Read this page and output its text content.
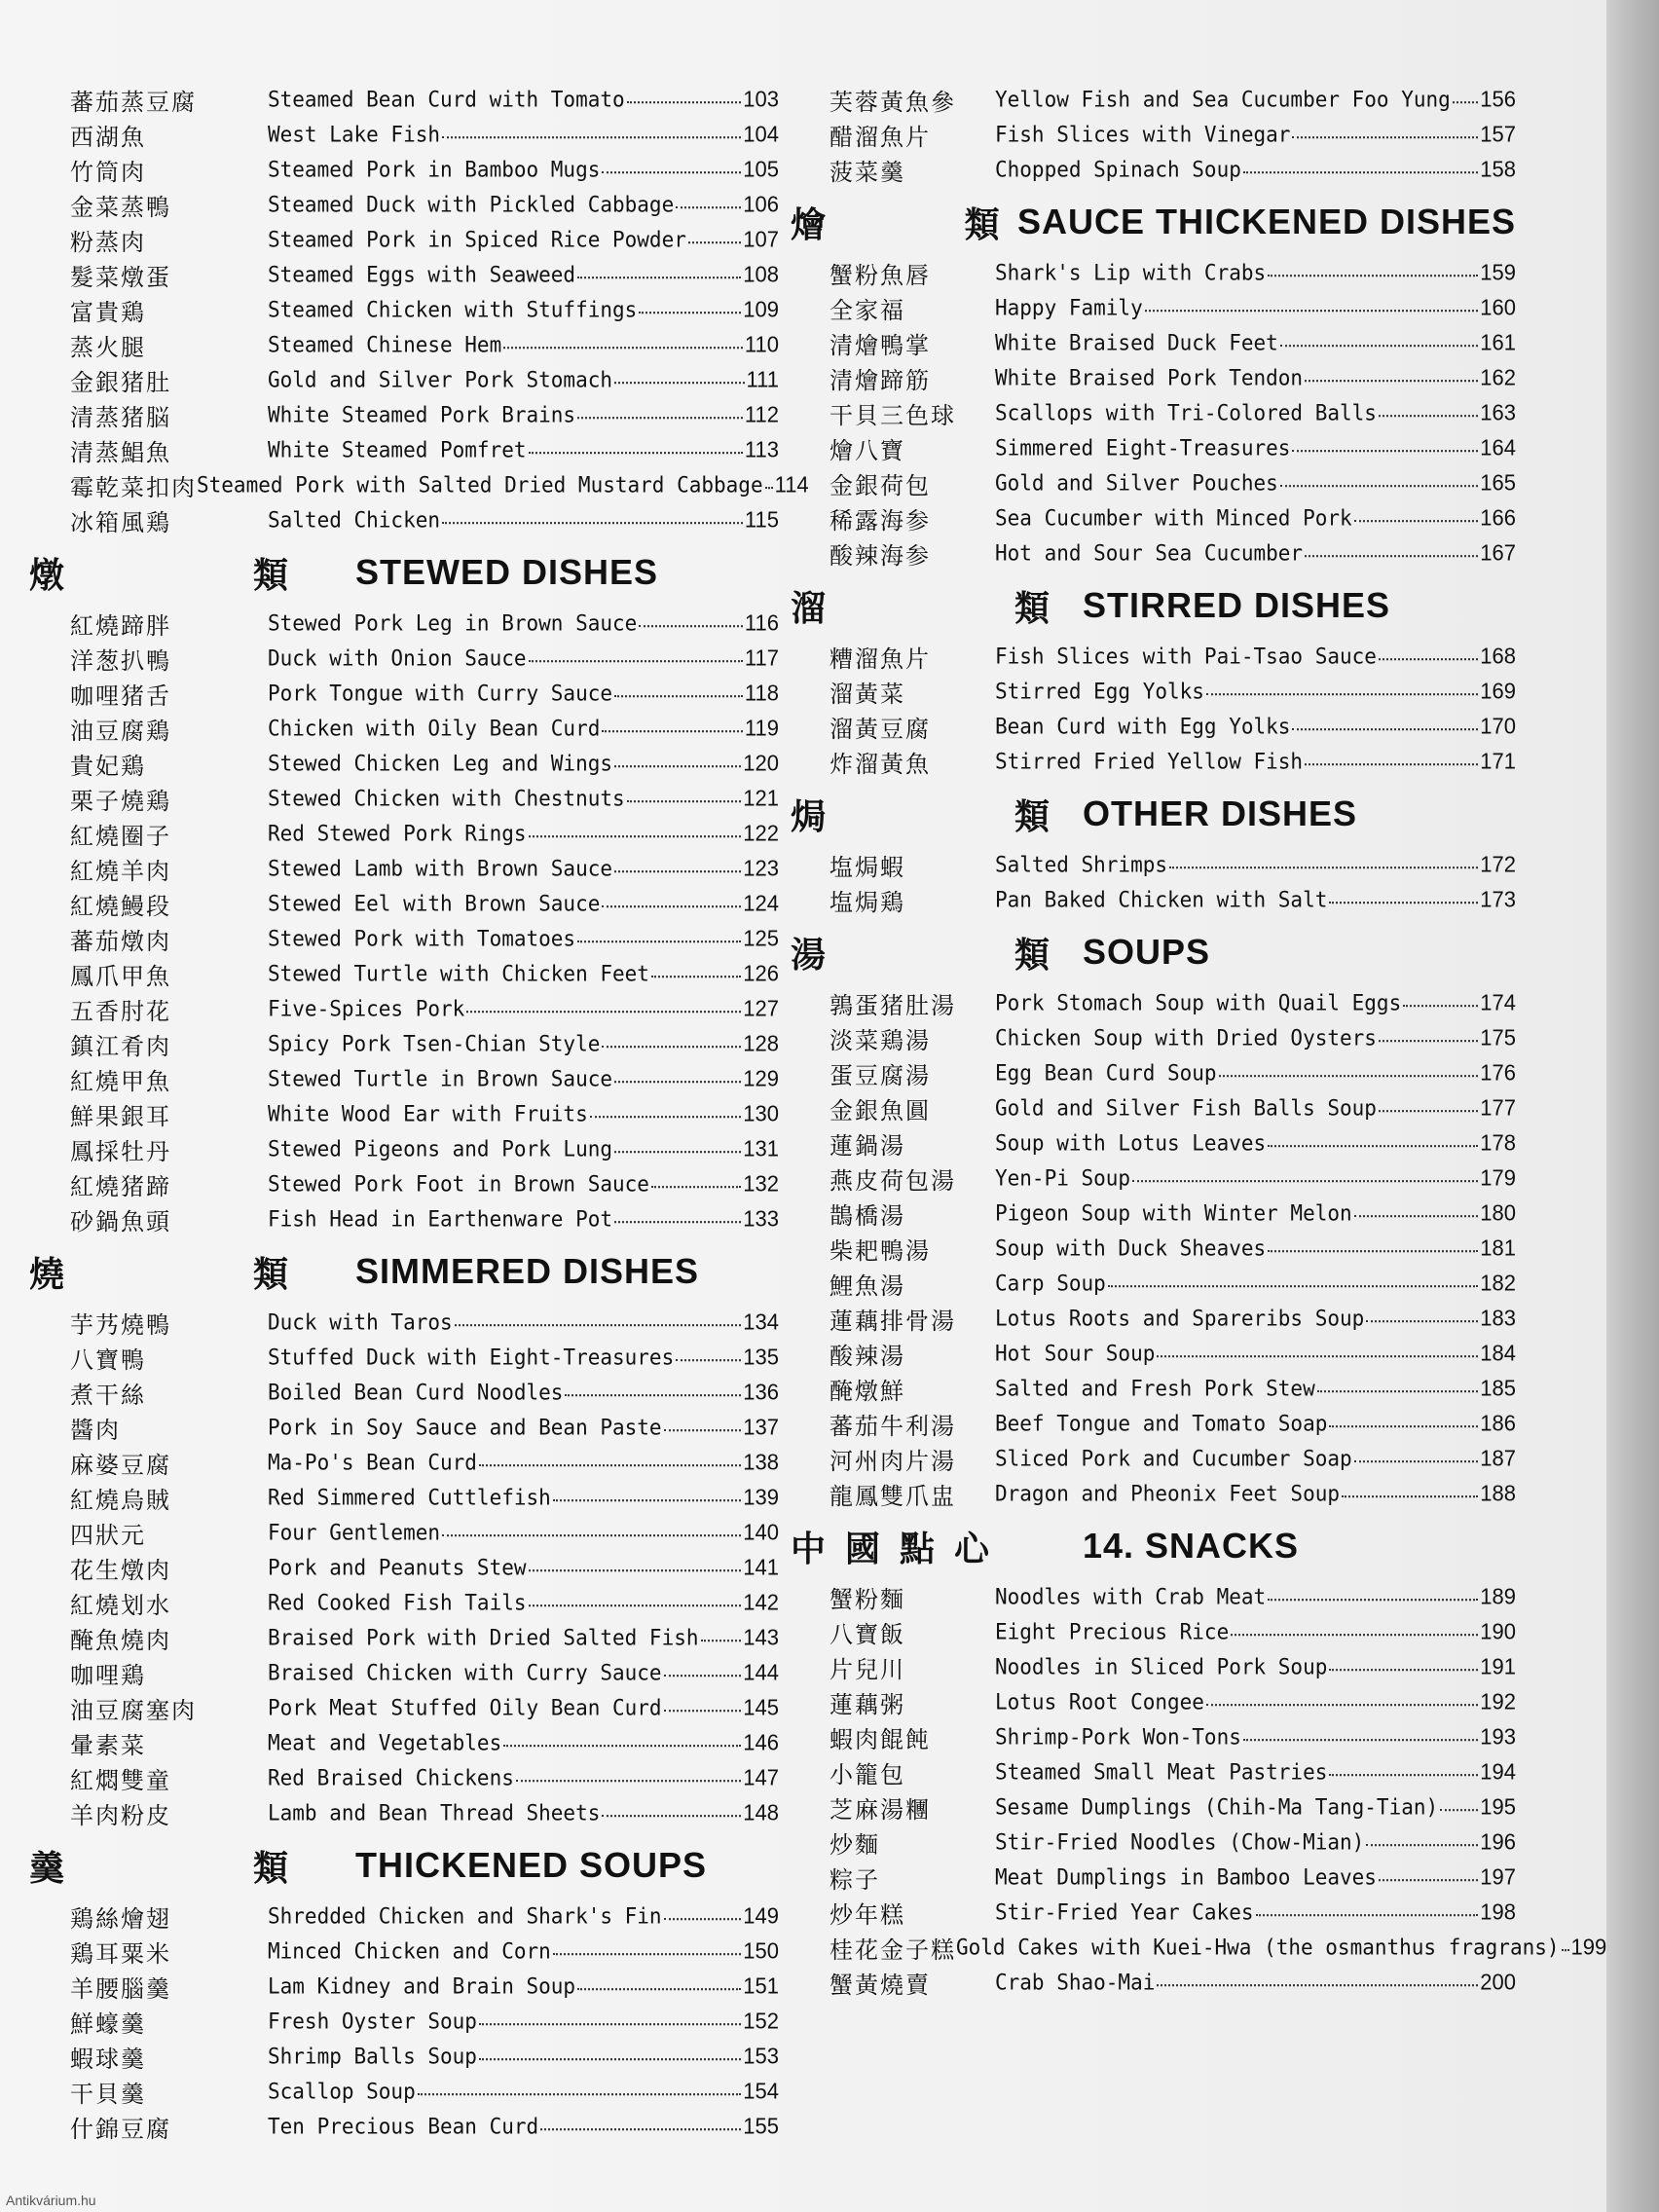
蕃茄蒸豆腐	Steamed Bean Curd with Tomato	103
西湖魚	West Lake Fish	104
竹筒肉	Steamed Pork in Bamboo Mugs	105
金菜蒸鴨	Steamed Duck with Pickled Cabbage	106
粉蒸肉	Steamed Pork in Spiced Rice Powder	107
髮菜燉蛋	Steamed Eggs with Seaweed	108
富貴鶏	Steamed Chicken with Stuffings	109
蒸火腿	Steamed Chinese Hem	110
金銀猪肚	Gold and Silver Pork Stomach	111
清蒸猪脳	White Steamed Pork Brains	112
清蒸鯧魚	White Steamed Pomfret	113
霉乾菜扣肉 Steamed Pork with Salted Dried Mustard Cabbage 114
冰箱風鶏	Salted Chicken	115
燉	類	STEWED DISHES
紅燒蹄胖	Stewed Pork Leg in Brown Sauce	116
洋葱扒鴨	Duck with Onion Sauce	117
咖哩猪舌	Pork Tongue with Curry Sauce	118
油豆腐鶏	Chicken with Oily Bean Curd	119
貴妃鶏	Stewed Chicken Leg and Wings	120
栗子燒鶏	Stewed Chicken with Chestnuts	121
紅燒圈子	Red Stewed Pork Rings	122
紅燒羊肉	Stewed Lamb with Brown Sauce	123
紅燒鰻段	Stewed Eel with Brown Sauce	124
蕃茄燉肉	Stewed Pork with Tomatoes	125
鳳爪甲魚	Stewed Turtle with Chicken Feet	126
五香肘花	Five-Spices Pork	127
鎮江肴肉	Spicy Pork Tsen-Chian Style	128
紅燒甲魚	Stewed Turtle in Brown Sauce	129
鮮果銀耳	White Wood Ear with Fruits	130
鳳採牡丹	Stewed Pigeons and Pork Lung	131
紅燒猪蹄	Stewed Pork Foot in Brown Sauce	132
砂鍋魚頭	Fish Head in Earthenware Pot	133
燒	類	SIMMERED DISHES
芋艿燒鴨	Duck with Taros	134
八寶鴨	Stuffed Duck with Eight-Treasures	135
煮干絲	Boiled Bean Curd Noodles	136
醬肉	Pork in Soy Sauce and Bean Paste	137
麻婆豆腐	Ma-Po's Bean Curd	138
紅燒烏賊	Red Simmered Cuttlefish	139
四狀元	Four Gentlemen	140
花生燉肉	Pork and Peanuts Stew	141
紅燒划水	Red Cooked Fish Tails	142
醃魚燒肉	Braised Pork with Dried Salted Fish 143
咖哩鶏	Braised Chicken with Curry Sauce	144
油豆腐塞肉	Pork Meat Stuffed Oily Bean Curd	145
暈素菜	Meat and Vegetables	146
紅燜雙童	Red Braised Chickens	147
羊肉粉皮	Lamb and Bean Thread Sheets	148
羹	類	THICKENED SOUPS
鶏絲燴翅	Shredded Chicken and Shark's Fin	149
鶏耳粟米	Minced Chicken and Corn	150
羊腰腦羹	Lam Kidney and Brain Soup	151
鮮蠔羹	Fresh Oyster Soup	152
蝦球羹	Shrimp Balls Soup	153
干貝羹	Scallop Soup	154
什錦豆腐	Ten Precious Bean Curd	155
芙蓉黃魚參	Yellow Fish and Sea Cucumber Foo Yung 156
醋溜魚片	Fish Slices with Vinegar	157
菠菜羹	Chopped Spinach Soup	158
燴	類 SAUCE THICKENED DISHES
蟹粉魚唇	Shark's Lip with Crabs	159
全家福	Happy Family	160
清燴鴨掌	White Braised Duck Feet	161
清燴蹄筋	White Braised Pork Tendon	162
干貝三色球	Scallops with Tri-Colored Balls	163
燴八寶	Simmered Eight-Treasures	164
金銀荷包	Gold and Silver Pouches	165
稀露海参	Sea Cucumber with Minced Pork	166
酸辣海参	Hot and Sour Sea Cucumber	167
溜	類 STIRRED DISHES
糟溜魚片	Fish Slices with Pai-Tsao Sauce	168
溜黃菜	Stirred Egg Yolks	169
溜黃豆腐	Bean Curd with Egg Yolks	170
炸溜黃魚	Stirred Fried Yellow Fish	171
焗	類 OTHER DISHES
塩焗蝦	Salted Shrimps	172
塩焗鶏	Pan Baked Chicken with Salt	173
湯	類 SOUPS
鶉蛋猪肚湯	Pork Stomach Soup with Quail Eggs	174
淡菜鶏湯	Chicken Soup with Dried Oysters	175
蛋豆腐湯	Egg Bean Curd Soup	176
金銀魚圓	Gold and Silver Fish Balls Soup	177
蓮鍋湯	Soup with Lotus Leaves	178
燕皮荷包湯	Yen-Pi Soup	179
鵲橋湯	Pigeon Soup with Winter Melon	180
柴耙鴨湯	Soup with Duck Sheaves	181
鯉魚湯	Carp Soup	182
蓮藕排骨湯	Lotus Roots and Spareribs Soup	183
酸辣湯	Hot Sour Soup	184
醃燉鮮	Salted and Fresh Pork Stew	185
蕃茄牛利湯	Beef Tongue and Tomato Soap	186
河州肉片湯	Sliced Pork and Cucumber Soap	187
龍鳳雙爪盅	Dragon and Pheonix Feet Soup	188
中國點心	14. SNACKS
蟹粉麵	Noodles with Crab Meat	189
八寶飯	Eight Precious Rice	190
片兒川	Noodles in Sliced Pork Soup	191
蓮藕粥	Lotus Root Congee	192
蝦肉餛飩	Shrimp-Pork Won-Tons	193
小籠包	Steamed Small Meat Pastries	194
芝麻湯糰	Sesame Dumplings (Chih-Ma Tang-Tian) 195
炒麵	Stir-Fried Noodles (Chow-Mian)	196
粽子	Meat Dumplings in Bamboo Leaves	197
炒年糕	Stir-Fried Year Cakes	198
桂花金子糕 Gold Cakes with Kuei-Hwa (the osmanthus fragrans) 199
蟹黃燒賣	Crab Shao-Mai	200
Antikvárium.hu
